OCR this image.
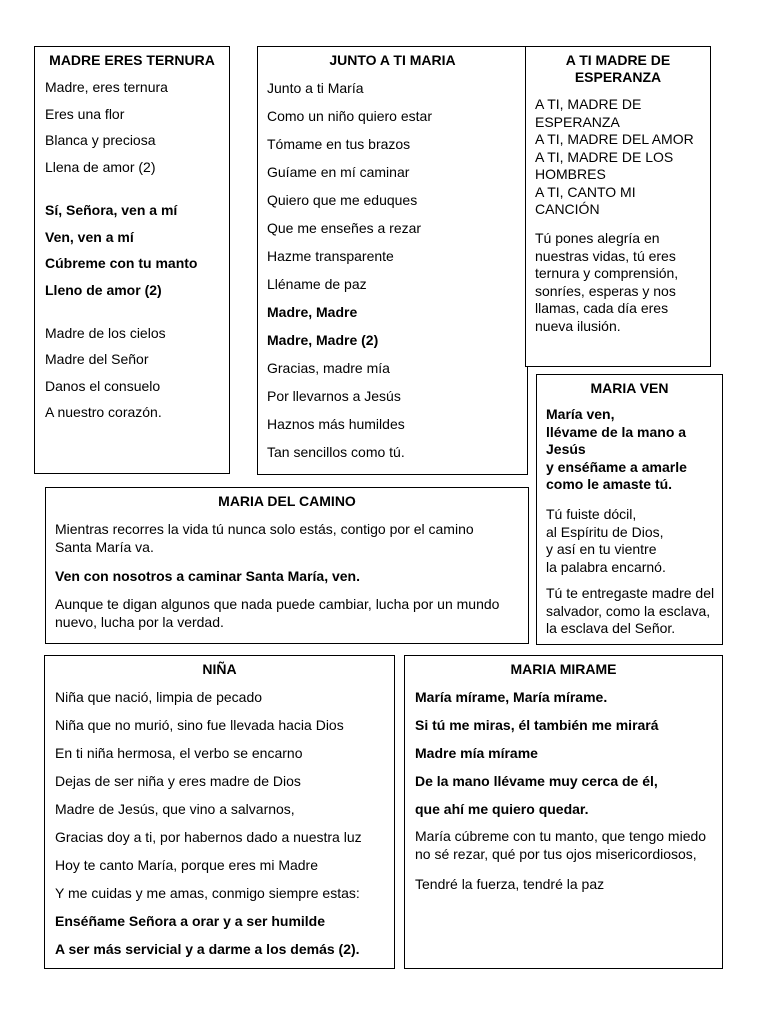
MADRE ERES TERNURA
Madre, eres ternura
Eres una flor
Blanca y preciosa
Llena de amor (2)
Sí, Señora, ven a mí
Ven, ven a mí
Cúbreme con tu manto
Lleno de amor (2)
Madre de los cielos
Madre del Señor
Danos el consuelo
A nuestro corazón.
JUNTO A TI MARIA
Junto a ti María
Como un niño quiero estar
Tómame en tus brazos
Guíame en mí caminar
Quiero que me eduques
Que me enseñes a rezar
Hazme transparente
Lléname de paz
Madre, Madre
Madre, Madre (2)
Gracias, madre mía
Por llevarnos a Jesús
Haznos más humildes
Tan sencillos como tú.
A TI MADRE DE
ESPERANZA
A TI, MADRE DE
ESPERANZA
A TI, MADRE DEL AMOR
A TI, MADRE DE LOS
HOMBRES
A TI, CANTO MI
CANCIÓN
Tú pones alegría en
nuestras vidas, tú eres
ternura y comprensión,
sonríes, esperas y nos
llamas, cada día eres
nueva ilusión.
MARIA VEN
María ven,
llévame de la mano a
Jesús
y enséñame a amarle
como le amaste tú.
Tú fuiste dócil,
al Espíritu de Dios,
y así en tu vientre
la palabra encarnó.
Tú te entregaste madre del
salvador, como la esclava,
la esclava del Señor.
MARIA DEL CAMINO
Mientras recorres la vida tú nunca solo estás, contigo por el camino
Santa María va.
Ven con nosotros a caminar Santa María, ven.
Aunque te digan algunos que nada puede cambiar, lucha por un mundo
nuevo, lucha por la verdad.
NIÑA
Niña que nació, limpia de pecado
Niña que no murió, sino fue llevada hacia Dios
En ti niña hermosa, el verbo se encarno
Dejas de ser niña y eres madre de Dios
Madre de Jesús, que vino a salvarnos,
Gracias doy a ti, por habernos dado a nuestra luz
Hoy te canto María, porque eres mi Madre
Y me cuidas y me amas, conmigo siempre estas:
Enséñame Señora a orar y a ser humilde
A ser más servicial y a darme a los demás (2).
MARIA MIRAME
María mírame, María mírame.
Si tú me miras, él también me mirará
Madre mía mírame
De la mano llévame muy cerca de él,
que ahí me quiero quedar.
María cúbreme con tu manto, que tengo miedo
no sé rezar, qué por tus ojos misericordiosos,
Tendré la fuerza, tendré la paz
